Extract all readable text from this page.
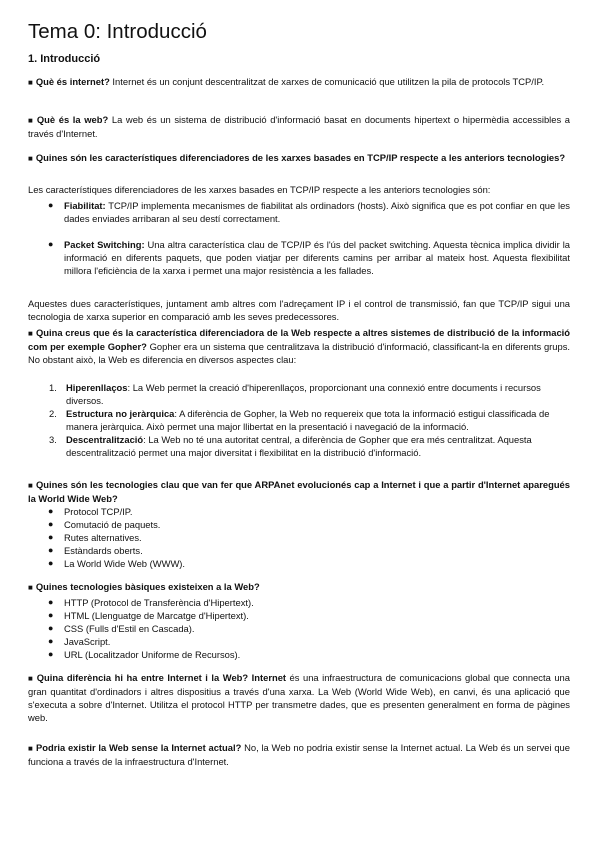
Tema 0: Introducció
1. Introducció

■ Què és internet? Internet és un conjunt descentralitzat de xarxes de comunicació que utilitzen la pila de protocols TCP/IP.

■ Què és la web? La web és un sistema de distribució d'informació basat en documents hipertext o hipermèdia accessibles a través d'Internet.

■ Quines són les característiques diferenciadores de les xarxes basades en TCP/IP respecte a les anteriors tecnologies?

Les característiques diferenciadores de les xarxes basades en TCP/IP respecte a les anteriors tecnologies són:

● Fiabilitat: TCP/IP implementa mecanismes de fiabilitat als ordinadors (hosts). Això significa que es pot confiar en que les dades enviades arribaran al seu destí correctament.
● Packet Switching: Una altra característica clau de TCP/IP és l'ús del packet switching. Aquesta tècnica implica dividir la informació en diferents paquets, que poden viatjar per diferents camins per arribar al mateix host. Aquesta flexibilitat millora l'eficiència de la xarxa i permet una major resistència a les fallades.

Aquestes dues característiques, juntament amb altres com l'adreçament IP i el control de transmissió, fan que TCP/IP sigui una tecnologia de xarxa superior en comparació amb les seves predecessores.

■ Quina creus que és la característica diferenciadora de la Web respecte a altres sistemes de distribució de la informació com per exemple Gopher? Gopher era un sistema que centralitzava la distribució d'informació, classificant-la en diferents grups. No obstant això, la Web es diferencia en diversos aspectes clau:

1. Hiperenllaços: La Web permet la creació d'hiperenllaços, proporcionant una connexió entre documents i recursos diversos.
2. Estructura no jeràrquica: A diferència de Gopher, la Web no requereix que tota la informació estigui classificada de manera jeràrquica. Això permet una major llibertat en la presentació i navegació de la informació.
3. Descentralització: La Web no té una autoritat central, a diferència de Gopher que era més centralitzat. Aquesta descentralització permet una major diversitat i flexibilitat en la distribució d'informació.

■ Quines són les tecnologies clau que van fer que ARPAnet evolucionés cap a Internet i que a partir d'Internet aparegués la World Wide Web?

● Protocol TCP/IP.
● Comutació de paquets.
● Rutes alternatives.
● Estàndards oberts.
● La World Wide Web (WWW).

■ Quines tecnologies bàsiques existeixen a la Web?

● HTTP (Protocol de Transferència d'Hipertext).
● HTML (Llenguatge de Marcatge d'Hipertext).
● CSS (Fulls d'Estil en Cascada).
● JavaScript.
● URL (Localitzador Uniforme de Recursos).

■ Quina diferència hi ha entre Internet i la Web? Internet és una infraestructura de comunicacions global que connecta una gran quantitat d'ordinadors i altres dispositius a través d'una xarxa. La Web (World Wide Web), en canvi, és una aplicació que s'executa a sobre d'Internet. Utilitza el protocol HTTP per transmetre dades, que es presenten generalment en forma de pàgines web.

■ Podria existir la Web sense la Internet actual? No, la Web no podria existir sense la Internet actual. La Web és un servei que funciona a través de la infraestructura d'Internet.
